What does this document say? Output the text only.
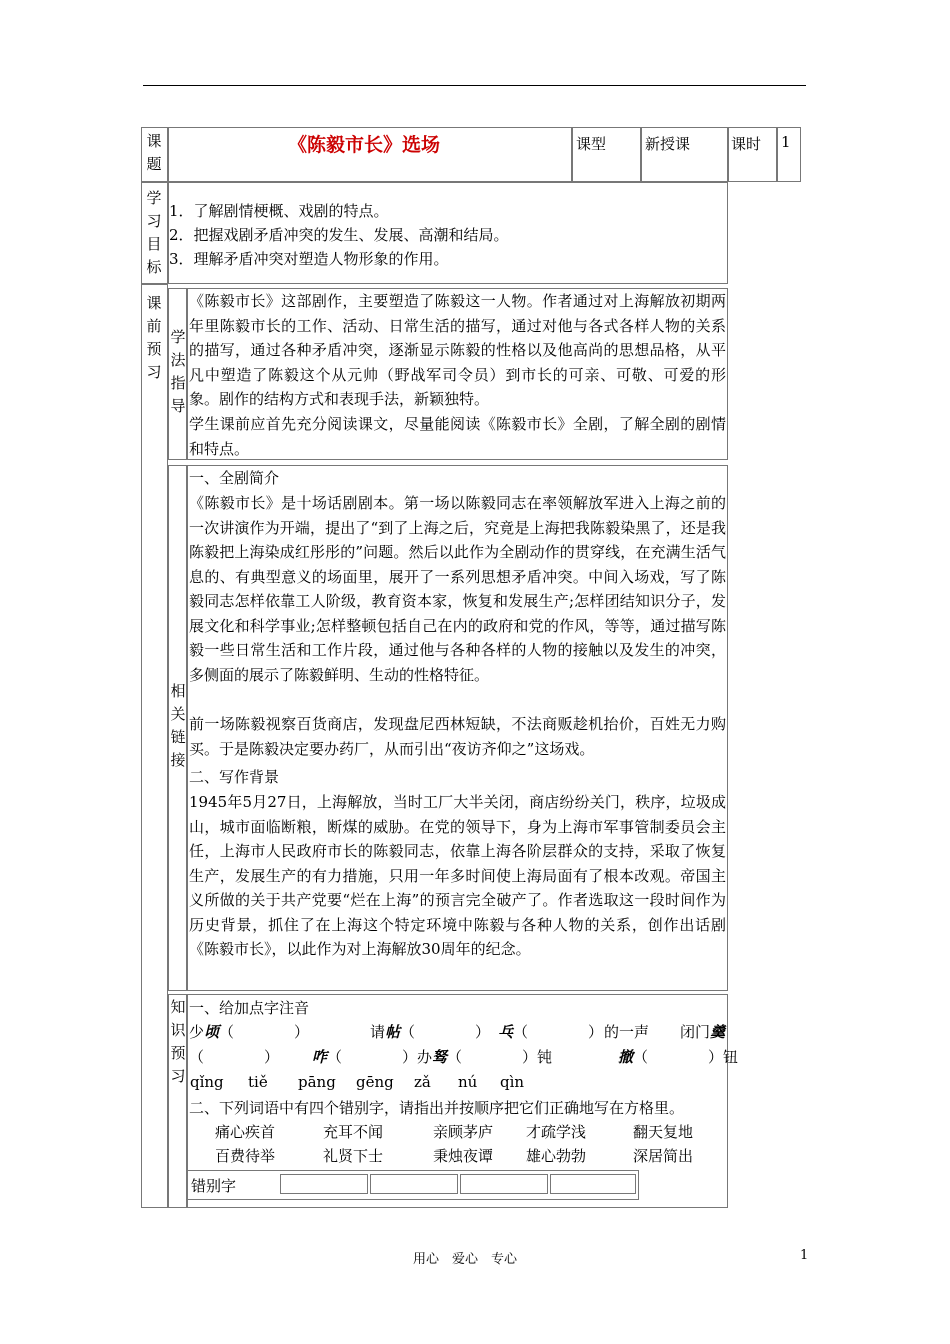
课题
《陈毅市长》选场	课型	新授课	课时 1
学习目标
1．了解剧情梗概、戏剧的特点。
2．把握戏剧矛盾冲突的发生、发展、高潮和结局。
3．理解矛盾冲突对塑造人物形象的作用。
课前预习
学法指导
《陈毅市长》这部剧作，主要塑造了陈毅这一人物。作者通过对上海解放初期两年里陈毅市长的工作、活动、日常生活的描写，通过对他与各式各样人物的关系的描写，通过各种矛盾冲突，逐渐显示陈毅的性格以及他高尚的思想品格，从平凡中塑造了陈毅这个从元帅（野战军司令员）到市长的可亲、可敬、可爱的形象。剧作的结构方式和表现手法，新颖独特。
学生课前应首先充分阅读课文，尽量能阅读《陈毅市长》全剧，了解全剧的剧情和特点。
相关链接
一、全剧简介
《陈毅市长》是十场话剧剧本。第一场以陈毅同志在率领解放军进入上海之前的一次讲演作为开端，提出了“到了上海之后，究竟是上海把我陈毅染黑了，还是我陈毅把上海染成红彤彤的”问题。然后以此作为全剧动作的贯穿线，在充满生活气息的、有典型意义的场面里，展开了一系列思想矛盾冲突。中间入场戏，写了陈毅同志怎样依靠工人阶级，教育资本家，恢复和发展生产;怎样团结知识分子，发展文化和科学事业;怎样整顿包括自己在内的政府和党的作风，等等，通过描写陈毅一些日常生活和工作片段，通过他与各种各样的人物的接触以及发生的冲突，多侧面的展示了陈毅鲜明、生动的性格特征。
前一场陈毅视察百货商店，发现盘尼西林短缺，不法商贩趁机抬价，百姓无力购买。于是陈毅决定要办药厂，从而引出“夜访齐仰之”这场戏。
二、写作背景
1945年5月27日，上海解放，当时工厂大半关闭，商店纷纷关门，秩序，垃圾成山，城市面临断粮，断煤的威胁。在党的领导下，身为上海市军事管制委员会主任，上海市人民政府市长的陈毅同志，依靠上海各阶层群众的支持，采取了恢复生产，发展生产的有力措施，只用一年多时间使上海局面有了根本改观。帝国主义所做的关于共产党要“烂在上海”的预言完全破产了。作者选取这一段时间作为历史背景，抓住了在上海这个特定环境中陈毅与各种人物的关系，创作出话剧《陈毅市长》，以此作为对上海解放30周年的纪念。
知识预习
一、给加点字注音
少顷（　　　　）	请帖（　　　　） 乓（　　　　） 的一声 闭门羹
（　　　　） 咋（　　　　）办 驽（　　　　）钝	撤（　　　　）钮
qǐng tiě pāng gēng zǎ nú qìn
二、下列词语中有四个错别字，请指出并按顺序把它们正确地写在方格里。
痛心疾首	充耳不闻	亲顾茅庐 才疏学浅	翻天复地
百费待举	礼贤下士	秉烛夜谭 雄心勃勃	深居简出
错别字
用心　爱心　专心	1
